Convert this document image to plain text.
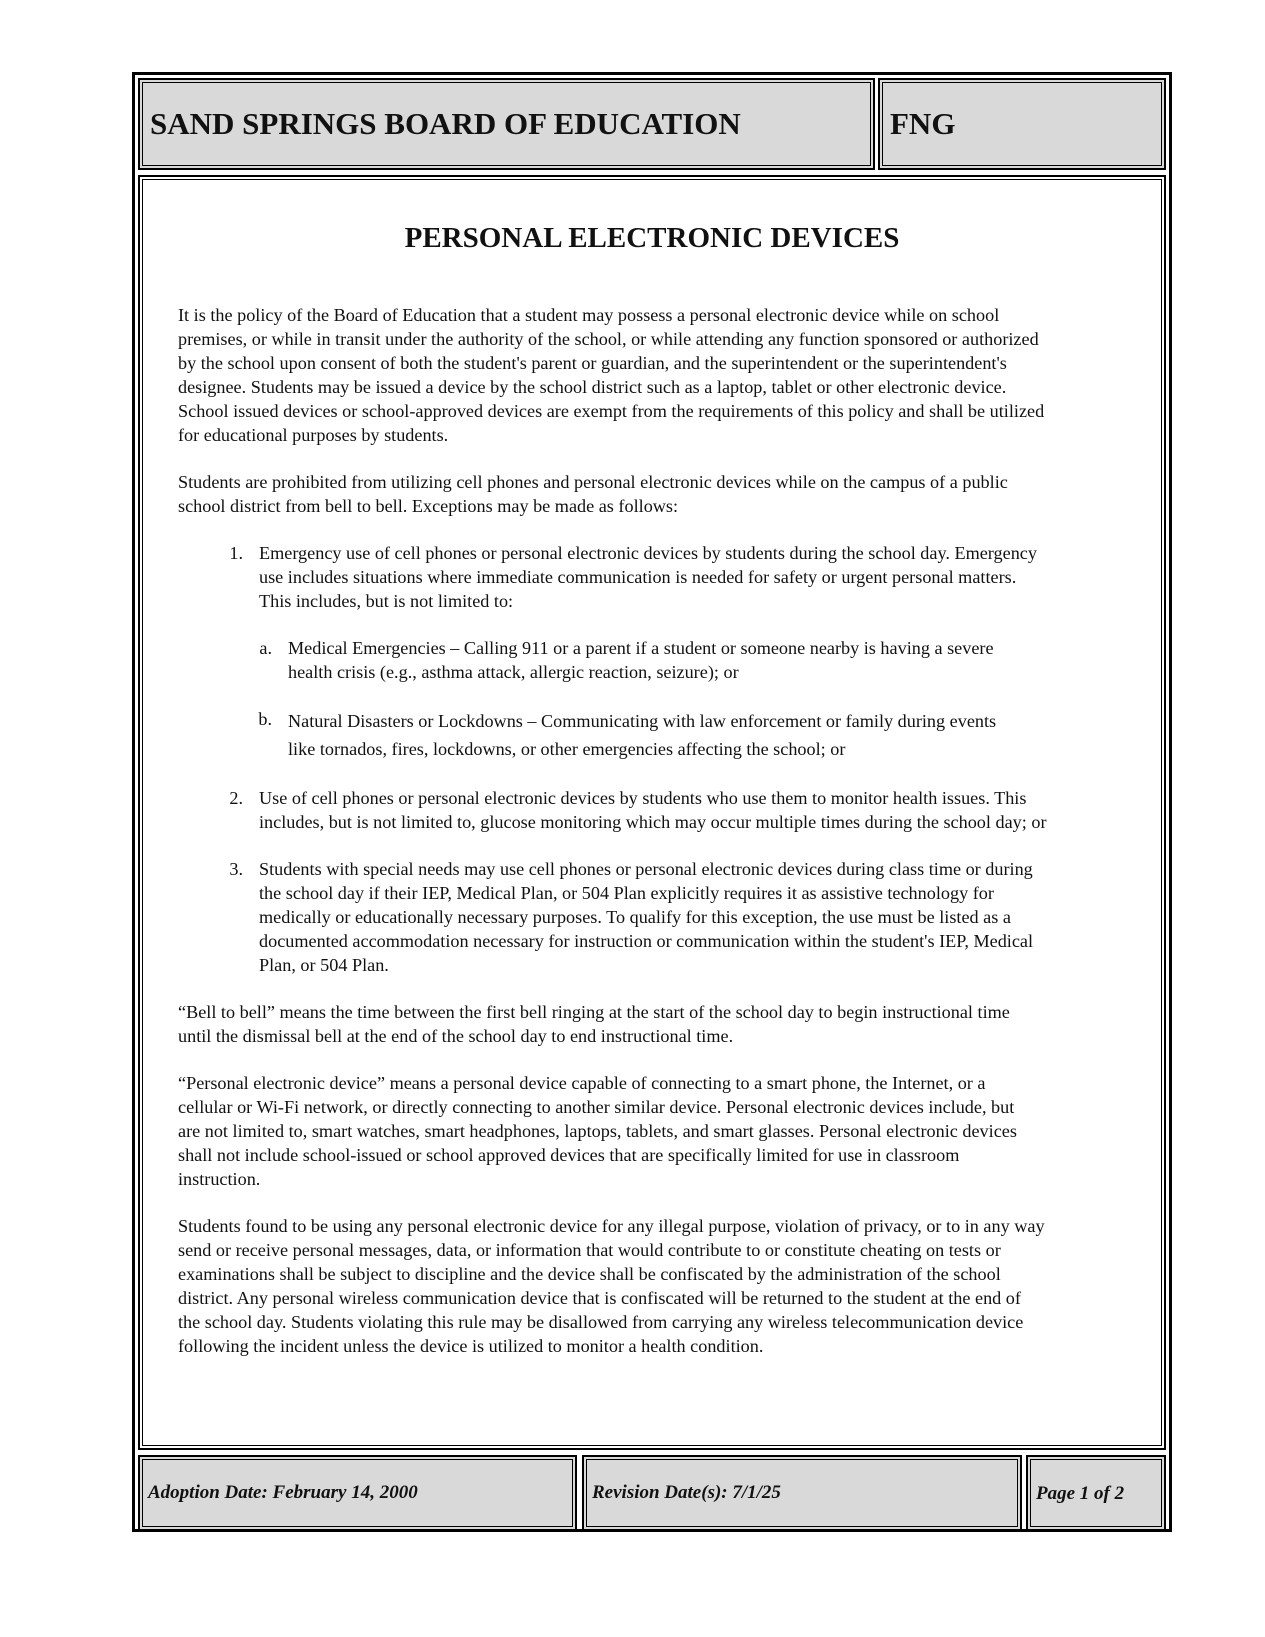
SAND SPRINGS BOARD OF EDUCATION	FNG
PERSONAL ELECTRONIC DEVICES

It is the policy of the Board of Education that a student may possess a personal electronic device while on school
premises, or while in transit under the authority of the school, or while attending any function sponsored or authorized
by the school upon consent of both the student's parent or guardian, and the superintendent or the superintendent's
designee. Students may be issued a device by the school district such as a laptop, tablet or other electronic device.
School issued devices or school-approved devices are exempt from the requirements of this policy and shall be utilized
for educational purposes by students.

Students are prohibited from utilizing cell phones and personal electronic devices while on the campus of a public
school district from bell to bell. Exceptions may be made as follows:

1. Emergency use of cell phones or personal electronic devices by students during the school day. Emergency
use includes situations where immediate communication is needed for safety or urgent personal matters.
This includes, but is not limited to:
a. Medical Emergencies – Calling 911 or a parent if a student or someone nearby is having a severe
health crisis (e.g., asthma attack, allergic reaction, seizure); or
b. Natural Disasters or Lockdowns – Communicating with law enforcement or family during events
like tornados, fires, lockdowns, or other emergencies affecting the school; or
2. Use of cell phones or personal electronic devices by students who use them to monitor health issues. This
includes, but is not limited to, glucose monitoring which may occur multiple times during the school day; or
3. Students with special needs may use cell phones or personal electronic devices during class time or during
the school day if their IEP, Medical Plan, or 504 Plan explicitly requires it as assistive technology for
medically or educationally necessary purposes. To qualify for this exception, the use must be listed as a
documented accommodation necessary for instruction or communication within the student's IEP, Medical
Plan, or 504 Plan.

“Bell to bell” means the time between the first bell ringing at the start of the school day to begin instructional time
until the dismissal bell at the end of the school day to end instructional time.

“Personal electronic device” means a personal device capable of connecting to a smart phone, the Internet, or a
cellular or Wi-Fi network, or directly connecting to another similar device. Personal electronic devices include, but
are not limited to, smart watches, smart headphones, laptops, tablets, and smart glasses. Personal electronic devices
shall not include school-issued or school approved devices that are specifically limited for use in classroom
instruction.

Students found to be using any personal electronic device for any illegal purpose, violation of privacy, or to in any way
send or receive personal messages, data, or information that would contribute to or constitute cheating on tests or
examinations shall be subject to discipline and the device shall be confiscated by the administration of the school
district. Any personal wireless communication device that is confiscated will be returned to the student at the end of
the school day. Students violating this rule may be disallowed from carrying any wireless telecommunication device
following the incident unless the device is utilized to monitor a health condition.

Adoption Date: February 14, 2000	Revision Date(s): 7/1/25	Page 1 of 2
